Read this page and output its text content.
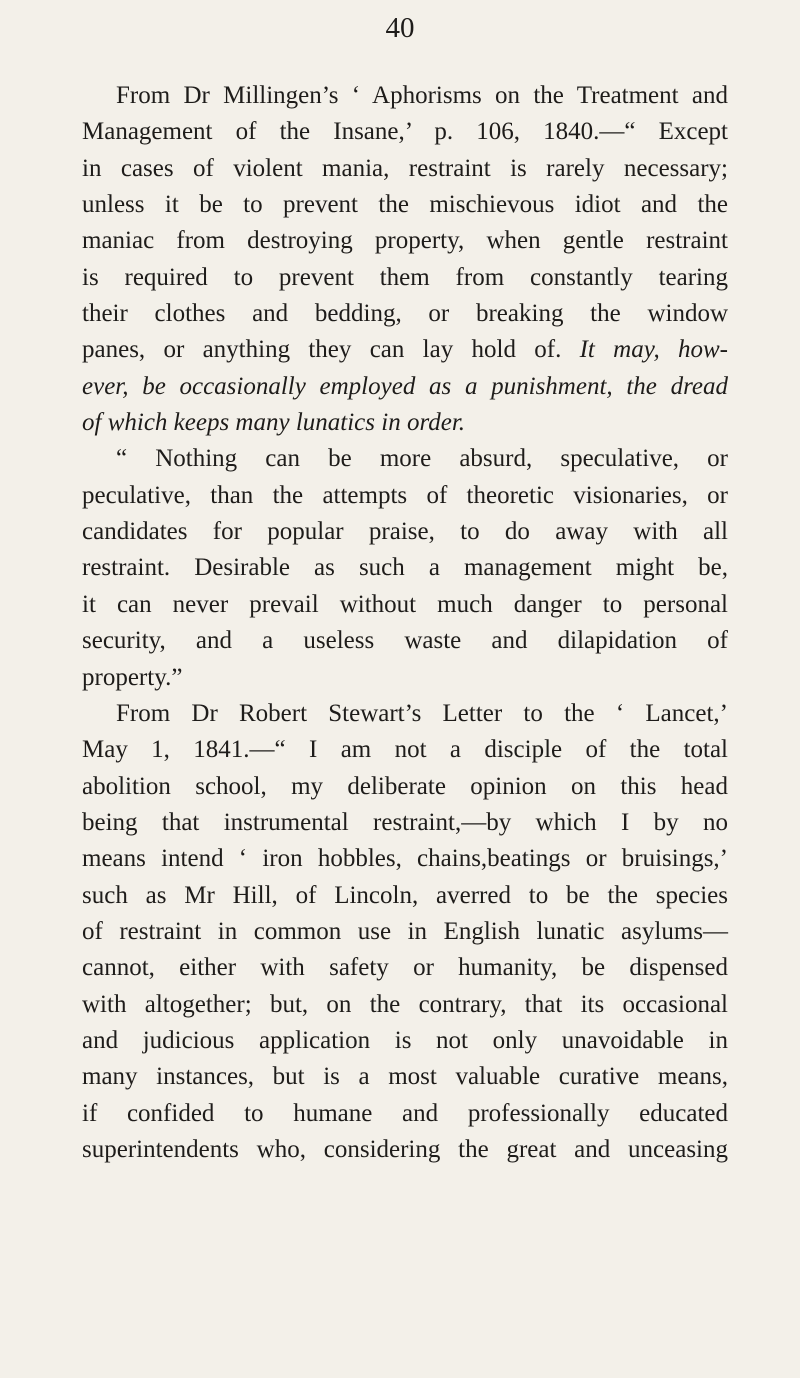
40
From Dr Millingen’s ‘ Aphorisms on the Treatment and
Management of the Insane,’ p. 106, 1840.—“ Except
in cases of violent mania, restraint is rarely necessary;
unless it be to prevent the mischievous idiot and the
maniac from destroying property, when gentle restraint
is required to prevent them from constantly tearing
their clothes and bedding, or breaking the window
panes, or anything they can lay hold of. It may, how-
ever, be occasionally employed as a punishment, the dread
of which keeps many lunatics in order.
“ Nothing can be more absurd, speculative, or
peculative, than the attempts of theoretic visionaries, or
candidates for popular praise, to do away with all
restraint. Desirable as such a management might be,
it can never prevail without much danger to personal
security, and a useless waste and dilapidation of
property.”
From Dr Robert Stewart’s Letter to the ‘ Lancet,’
May 1, 1841.—“ I am not a disciple of the total
abolition school, my deliberate opinion on this head
being that instrumental restraint,—by which I by no
means intend ‘ iron hobbles, chains,beatings or bruisings,’
such as Mr Hill, of Lincoln, averred to be the species
of restraint in common use in English lunatic asylums—
cannot, either with safety or humanity, be dispensed
with altogether; but, on the contrary, that its occasional
and judicious application is not only unavoidable in
many instances, but is a most valuable curative means,
if confided to humane and professionally educated
superintendents who, considering the great and unceasing
